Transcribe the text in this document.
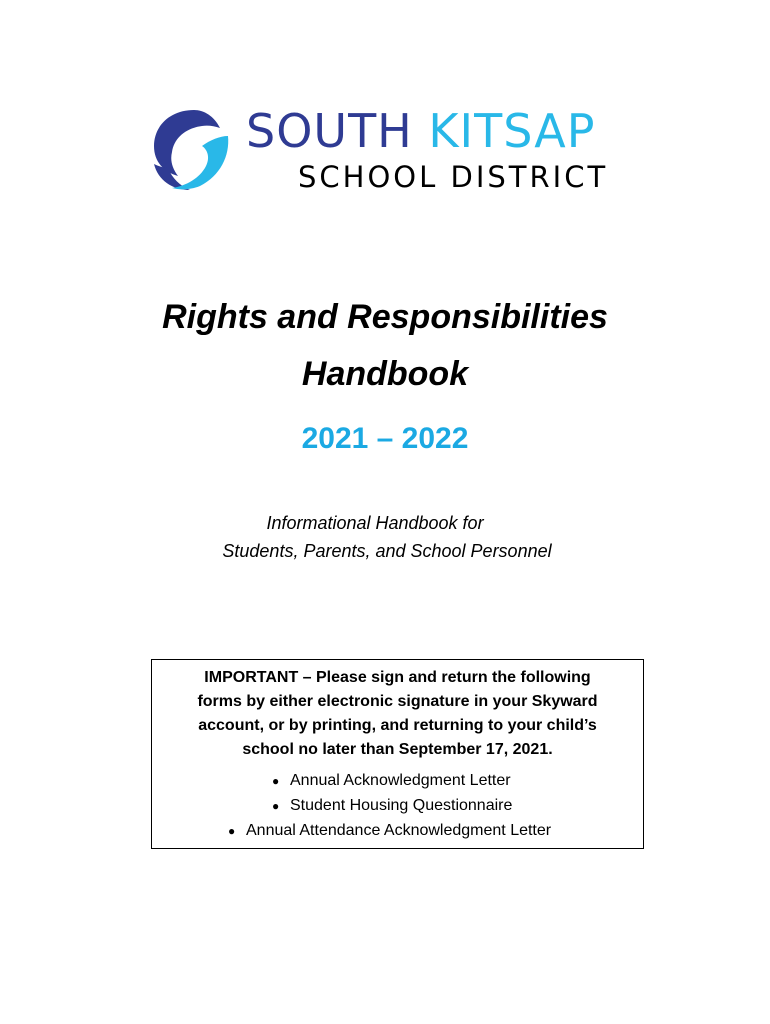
SOUTH KITSAP
SCHOOL DISTRICT
Rights and Responsibilities
Handbook
2021 – 2022
Informational Handbook for
Students, Parents, and School Personnel
IMPORTANT – Please sign and return the following
forms by either electronic signature in your Skyward
account, or by printing, and returning to your child’s
school no later than September 17, 2021.
● Annual Acknowledgment Letter
● Student Housing Questionnaire
● Annual Attendance Acknowledgment Letter
